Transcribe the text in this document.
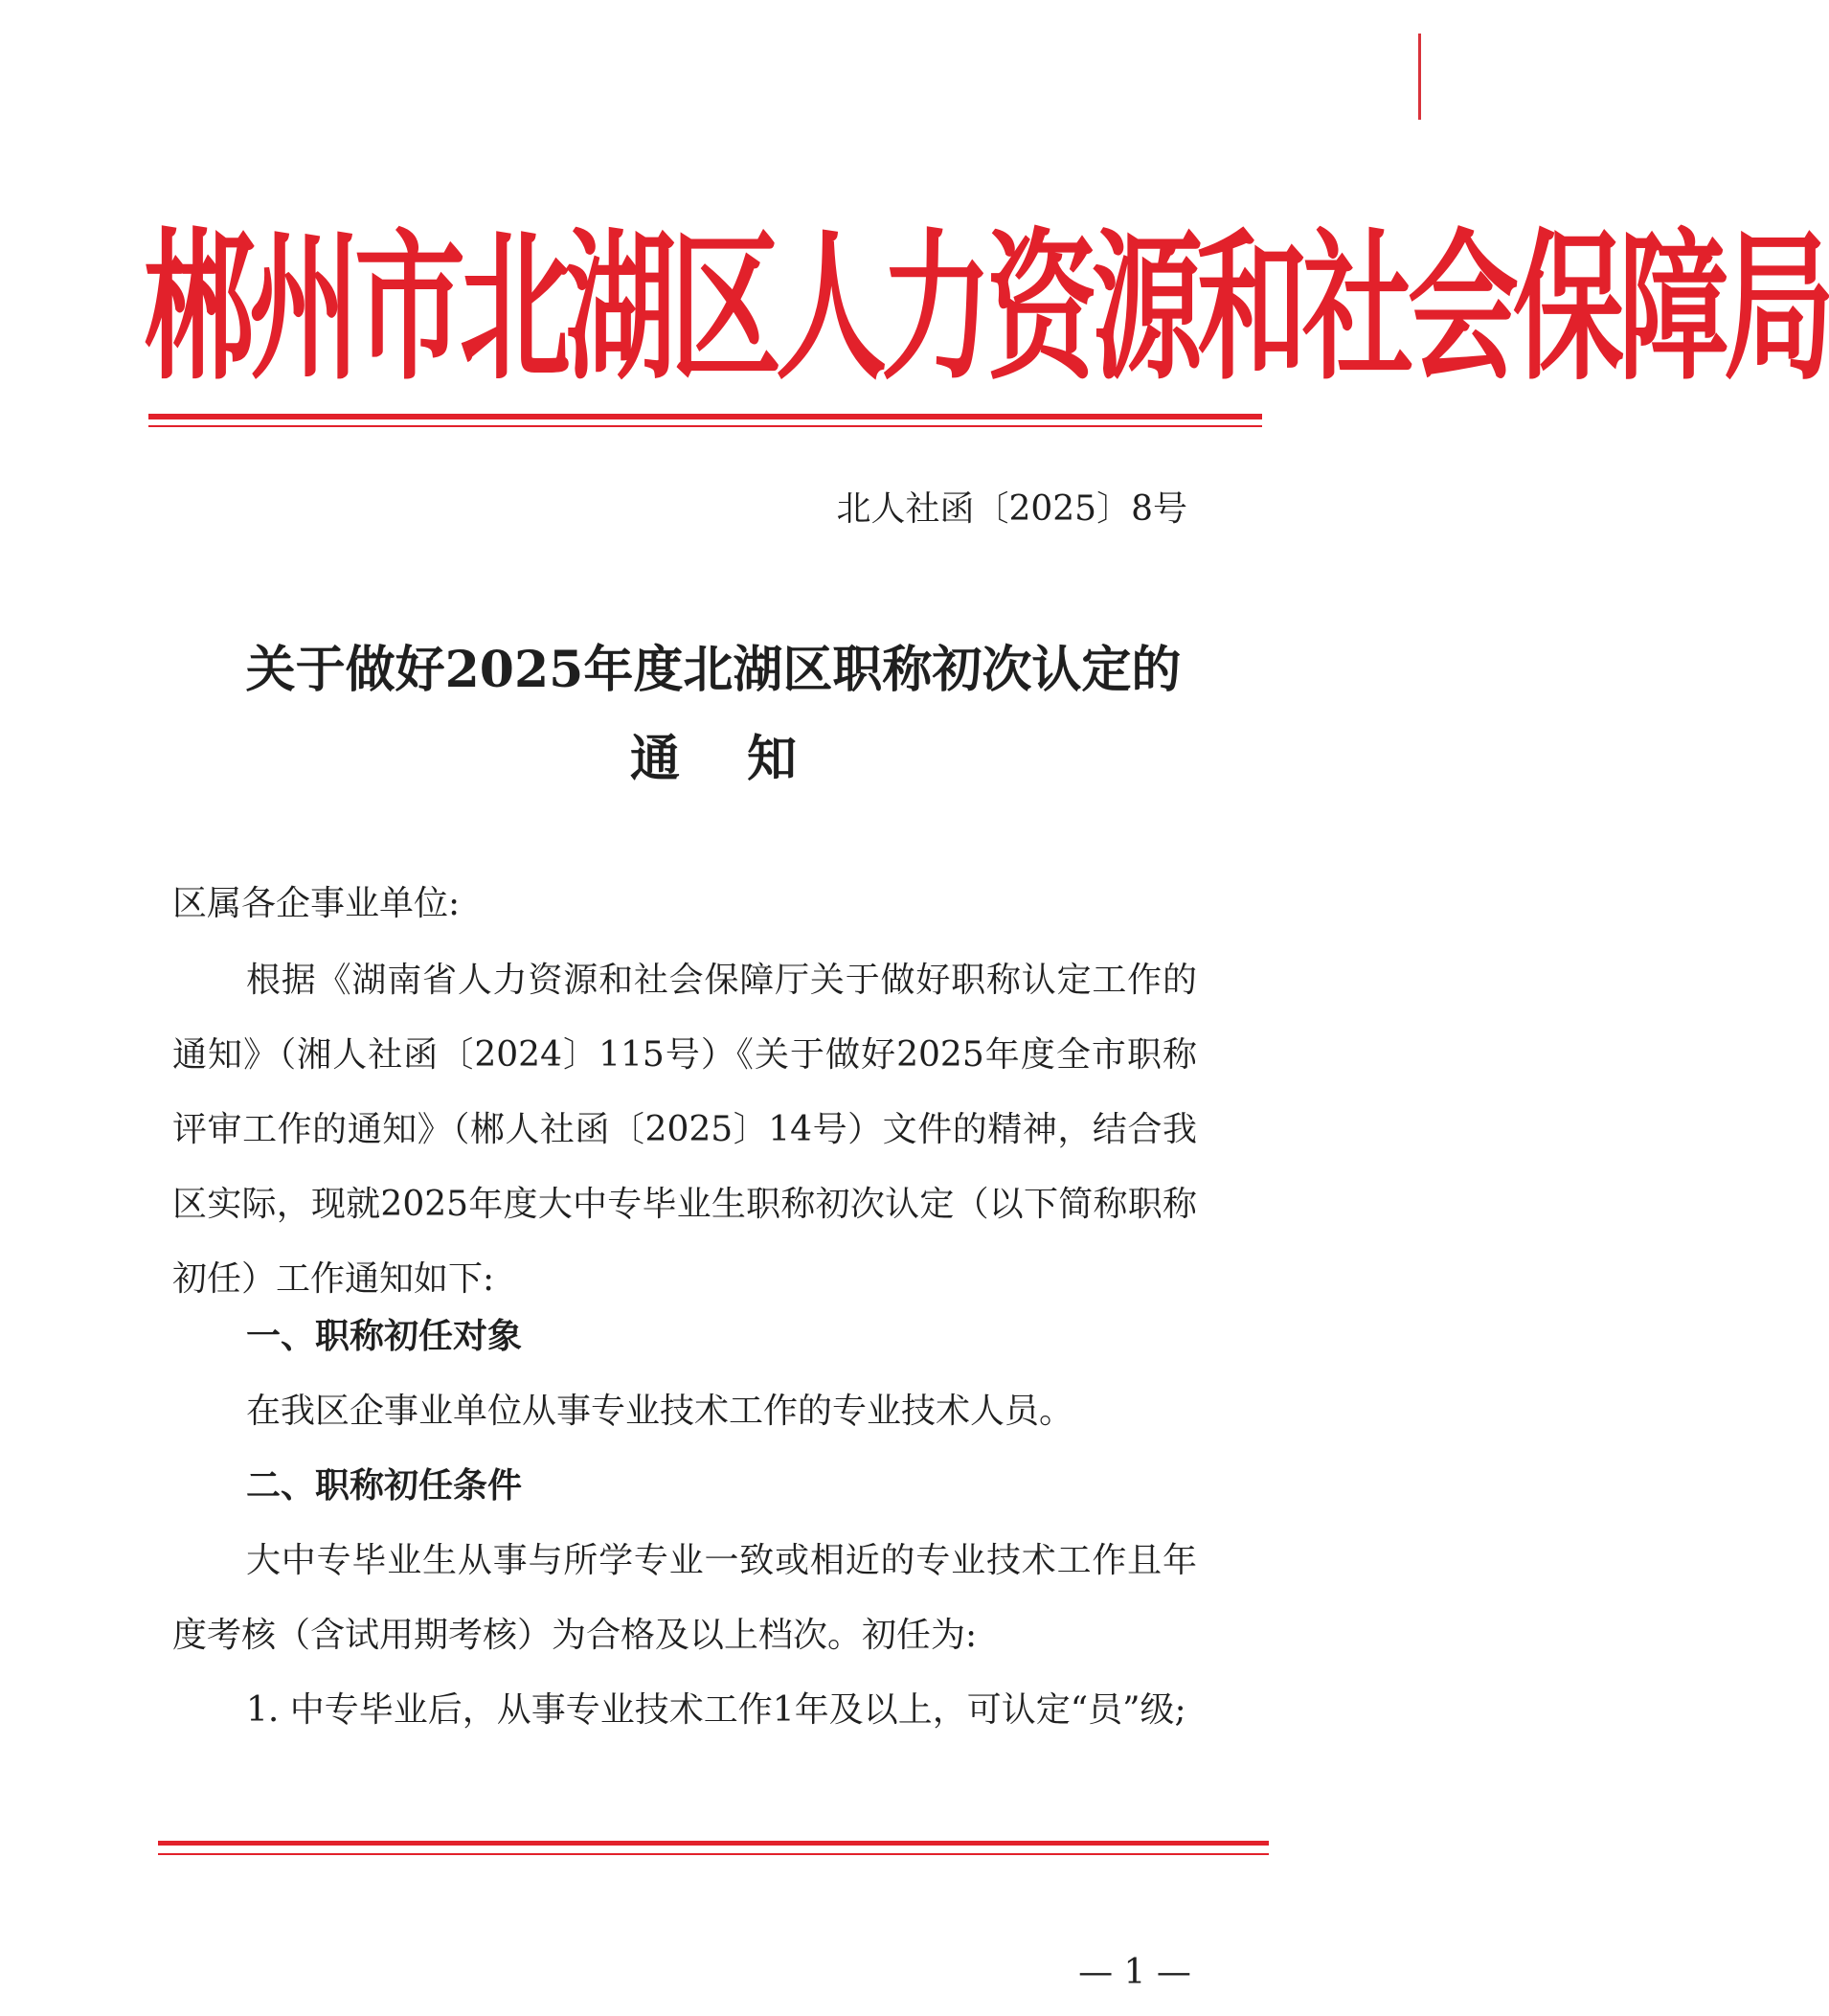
郴州市北湖区人力资源和社会保障局
北人社函〔2025〕8号
关于做好2025年度北湖区职称初次认定的
通知
区属各企事业单位:

根据《湖南省人力资源和社会保障厅关于做好职称认定工作的通知》（湘人社函〔2024〕115号）《关于做好2025年度全市职称评审工作的通知》（郴人社函〔2025〕14号）文件的精神，结合我区实际，现就2025年度大中专毕业生职称初次认定（以下简称职称初任）工作通知如下:

一、职称初任对象

在我区企事业单位从事专业技术工作的专业技术人员。

二、职称初任条件

大中专毕业生从事与所学专业一致或相近的专业技术工作且年度考核（含试用期考核）为合格及以上档次。初任为:

1. 中专毕业后，从事专业技术工作1年及以上，可认定“员”级;

— 1 —
